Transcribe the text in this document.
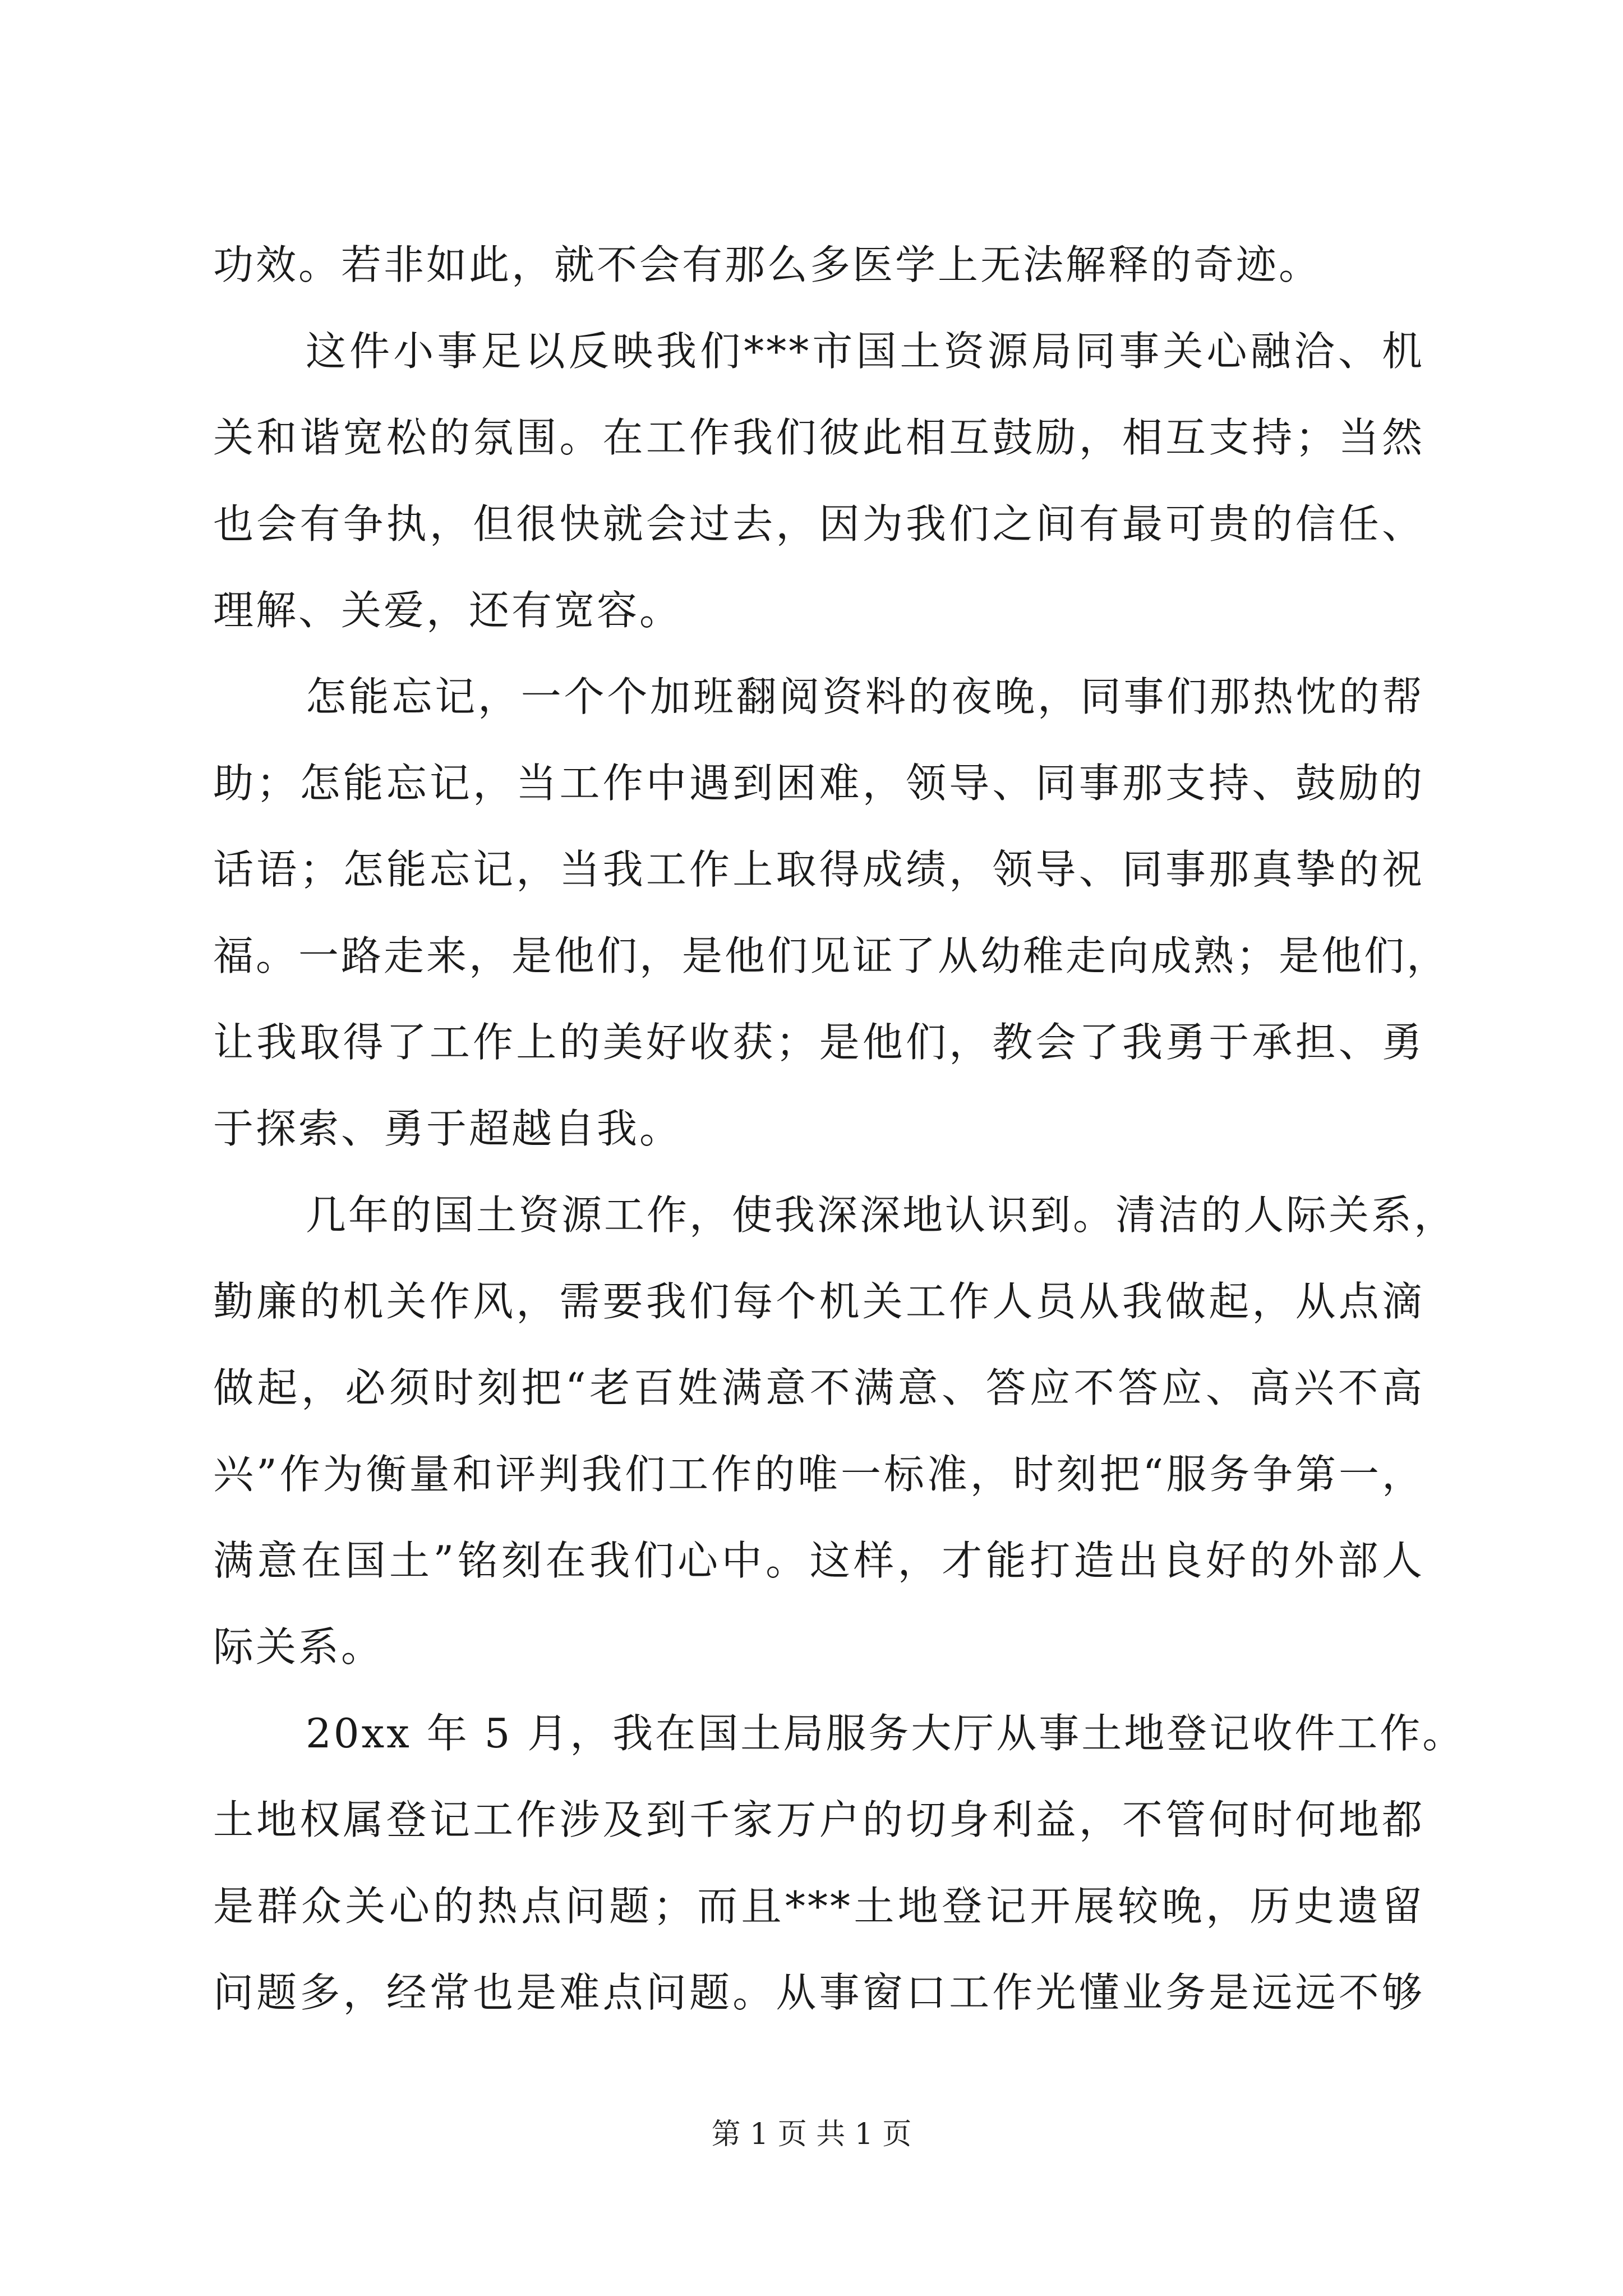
功效。若非如此，就不会有那么多医学上无法解释的奇迹。
这件小事足以反映我们***市国土资源局同事关心融洽、机
关和谐宽松的氛围。在工作我们彼此相互鼓励，相互支持；当然
也会有争执，但很快就会过去，因为我们之间有最可贵的信任、
理解、关爱，还有宽容。
怎能忘记，一个个加班翻阅资料的夜晚，同事们那热忱的帮
助；怎能忘记，当工作中遇到困难，领导、同事那支持、鼓励的
话语；怎能忘记，当我工作上取得成绩，领导、同事那真挚的祝
福。一路走来，是他们，是他们见证了从幼稚走向成熟；是他们，
让我取得了工作上的美好收获；是他们，教会了我勇于承担、勇
于探索、勇于超越自我。
几年的国土资源工作，使我深深地认识到。清洁的人际关系，
勤廉的机关作风，需要我们每个机关工作人员从我做起，从点滴
做起，必须时刻把“老百姓满意不满意、答应不答应、高兴不高
兴”作为衡量和评判我们工作的唯一标准，时刻把“服务争第一，
满意在国土”铭刻在我们心中。这样，才能打造出良好的外部人
际关系。
20xx 年 5 月，我在国土局服务大厅从事土地登记收件工作。
土地权属登记工作涉及到千家万户的切身利益，不管何时何地都
是群众关心的热点问题；而且***土地登记开展较晚，历史遗留
问题多，经常也是难点问题。从事窗口工作光懂业务是远远不够
第 1 页 共 1 页
